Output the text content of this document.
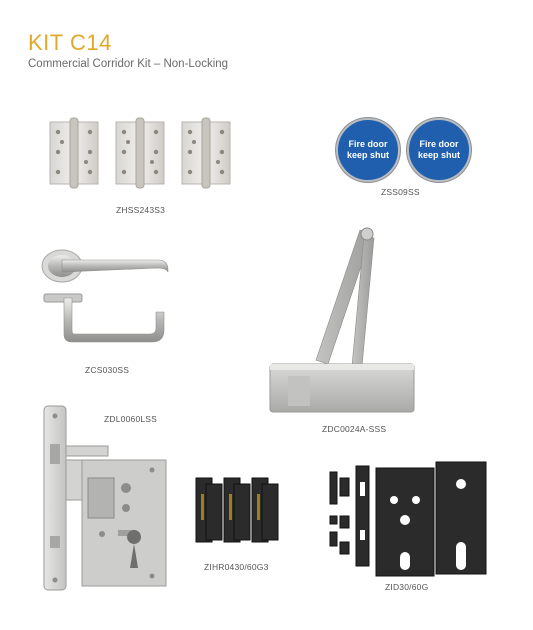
KIT C14
Commercial Corridor Kit – Non-Locking
ZHSS243S3
Fire door
keep shut
Fire door
keep shut
ZSS09SS
ZCS030SS
ZDC0024A-SSS
ZDL0060LSS
ZIHR0430/60G3
ZID30/60G
